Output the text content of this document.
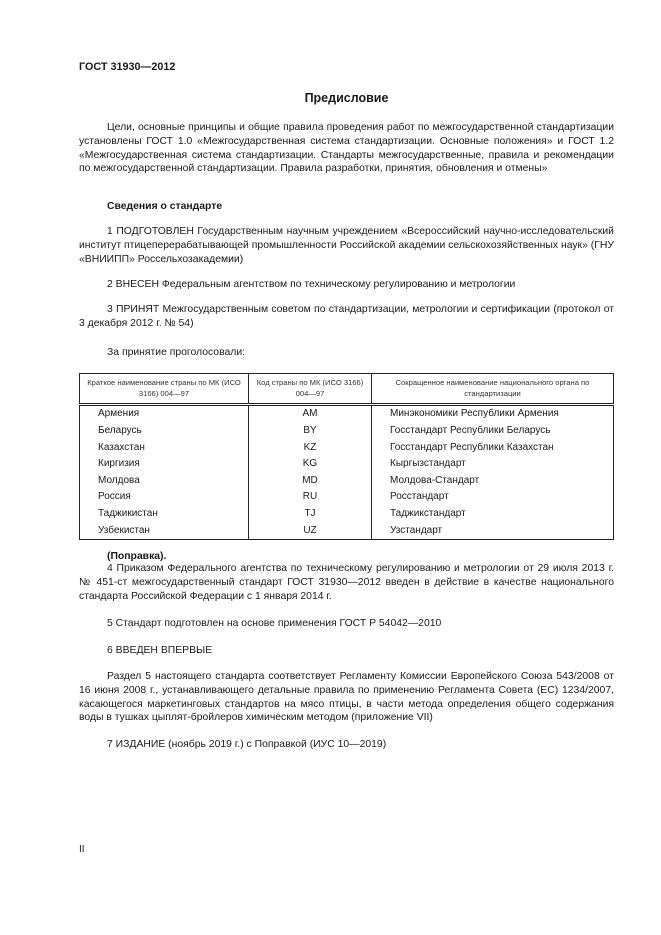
ГОСТ 31930—2012
Предисловие

Цели, основные принципы и общие правила проведения работ по межгосударственной стандартизации установлены ГОСТ 1.0 «Межгосударственная система стандартизации. Основные положения» и ГОСТ 1.2 «Межгосударственная система стандартизации. Стандарты межгосударственные, правила и рекомендации по межгосударственной стандартизации. Правила разработки, принятия, обновления и отмены»

Сведения о стандарте

1 ПОДГОТОВЛЕН Государственным научным учреждением «Всероссийский научно-исследовательский институт птицеперерабатывающей промышленности Российской академии сельскохозяйственных наук» (ГНУ «ВНИИПП» Россельхозакадемии)

2 ВНЕСЕН Федеральным агентством по техническому регулированию и метрологии

3 ПРИНЯТ Межгосударственным советом по стандартизации, метрологии и сертификации (протокол от 3 декабря 2012 г. № 54)

За принятие проголосовали:

Краткое наименование страны по МК (ИСО 3166) 004—97	Код страны по МК (ИСО 3166) 004—97	Сокращенное наименование национального органа по стандартизации
Армения	AM	Минэкономики Республики Армения
Беларусь	BY	Госстандарт Республики Беларусь
Казахстан	KZ	Госстандарт Республики Казахстан
Киргизия	KG	Кыргызстандарт
Молдова	MD	Молдова-Стандарт
Россия	RU	Росстандарт
Таджикистан	TJ	Таджикстандарт
Узбекистан	UZ	Узстандарт

(Поправка).

4 Приказом Федерального агентства по техническому регулированию и метрологии от 29 июля 2013 г. № 451-ст межгосударственный стандарт ГОСТ 31930—2012 введен в действие в качестве национального стандарта Российской Федерации с 1 января 2014 г.

5 Стандарт подготовлен на основе применения ГОСТ Р 54042—2010

6 ВВЕДЕН ВПЕРВЫЕ

Раздел 5 настоящего стандарта соответствует Регламенту Комиссии Европейского Союза 543/2008 от 16 июня 2008 г., устанавливающего детальные правила по применению Регламента Совета (ЕС) 1234/2007, касающегося маркетинговых стандартов на мясо птицы, в части метода определения общего содержания воды в тушках цыплят-бройлеров химическим методом (приложение VII)

7 ИЗДАНИЕ (ноябрь 2019 г.) с Поправкой (ИУС 10—2019)

II
